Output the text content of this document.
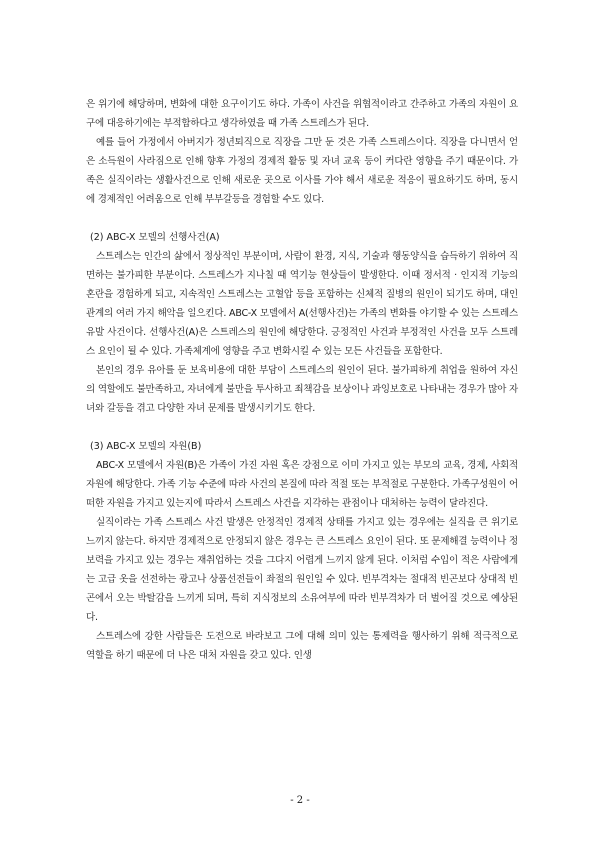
은 위기에 해당하며, 변화에 대한 요구이기도 하다. 가족이 사건을 위협적이라고 간주하고 가족의 자원이 요구에 대응하기에는 부적합하다고 생각하였을 때 가족 스트레스가 된다.

예를 들어 가정에서 아버지가 정년퇴직으로 직장을 그만 둔 것은 가족 스트레스이다. 직장을 다니면서 얻은 소득원이 사라짐으로 인해 향후 가정의 경제적 활동 및 자녀 교육 등이 커다란 영향을 주기 때문이다. 가족은 실직이라는 생활사건으로 인해 새로운 곳으로 이사를 가야 해서 새로운 적응이 필요하기도 하며, 동시에 경제적인 어려움으로 인해 부부갈등을 경험할 수도 있다.

(2) ABC-X 모델의 선행사건(A)

스트레스는 인간의 삶에서 정상적인 부분이며, 사람이 환경, 지식, 기술과 행동양식을 습득하기 위하여 직면하는 불가피한 부분이다. 스트레스가 지나칠 때 역기능 현상들이 발생한다. 이때 정서적 · 인지적 기능의 혼란을 경험하게 되고, 지속적인 스트레스는 고혈압 등을 포함하는 신체적 질병의 원인이 되기도 하며, 대인관계의 여러 가지 해악을 일으킨다. ABC-X 모델에서 A(선행사건)는 가족의 변화를 야기할 수 있는 스트레스 유발 사건이다. 선행사건(A)은 스트레스의 원인에 해당한다. 긍정적인 사건과 부정적인 사건을 모두 스트레스 요인이 될 수 있다. 가족체계에 영향을 주고 변화시킬 수 있는 모든 사건들을 포함한다.

본인의 경우 유아를 둔 보육비용에 대한 부담이 스트레스의 원인이 된다. 불가피하게 취업을 원하여 자신의 역할에도 불만족하고, 자녀에게 불만을 투사하고 죄책감을 보상이나 과잉보호로 나타내는 경우가 많아 자녀와 갈등을 겪고 다양한 자녀 문제를 발생시키기도 한다.

(3) ABC-X 모델의 자원(B)

ABC-X 모델에서 자원(B)은 가족이 가진 자원 혹은 강점으로 이미 가지고 있는 부모의 교육, 경제, 사회적 자원에 해당한다. 가족 기능 수준에 따라 사건의 본질에 따라 적절 또는 부적절로 구분한다. 가족구성원이 어떠한 자원을 가지고 있는지에 따라서 스트레스 사건을 지각하는 관점이나 대처하는 능력이 달라진다.

실직이라는 가족 스트레스 사건 발생은 안정적인 경제적 상태를 가지고 있는 경우에는 실직을 큰 위기로 느끼지 않는다. 하지만 경제적으로 안정되지 않은 경우는 큰 스트레스 요인이 된다. 또 문제해결 능력이나 정보력을 가지고 있는 경우는 재취업하는 것을 그다지 어렵게 느끼지 않게 된다. 이처럼 수입이 적은 사람에게는 고급 옷을 선전하는 광고나 상품선전들이 좌절의 원인일 수 있다. 빈부격차는 절대적 빈곤보다 상대적 빈곤에서 오는 박탈감을 느끼게 되며, 특히 지식정보의 소유여부에 따라 빈부격차가 더 벌어질 것으로 예상된다.

스트레스에 강한 사람들은 도전으로 바라보고 그에 대해 의미 있는 통제력을 행사하기 위해 적극적으로 역할을 하기 때문에 더 나은 대처 자원을 갖고 있다. 인생

- 2 -
